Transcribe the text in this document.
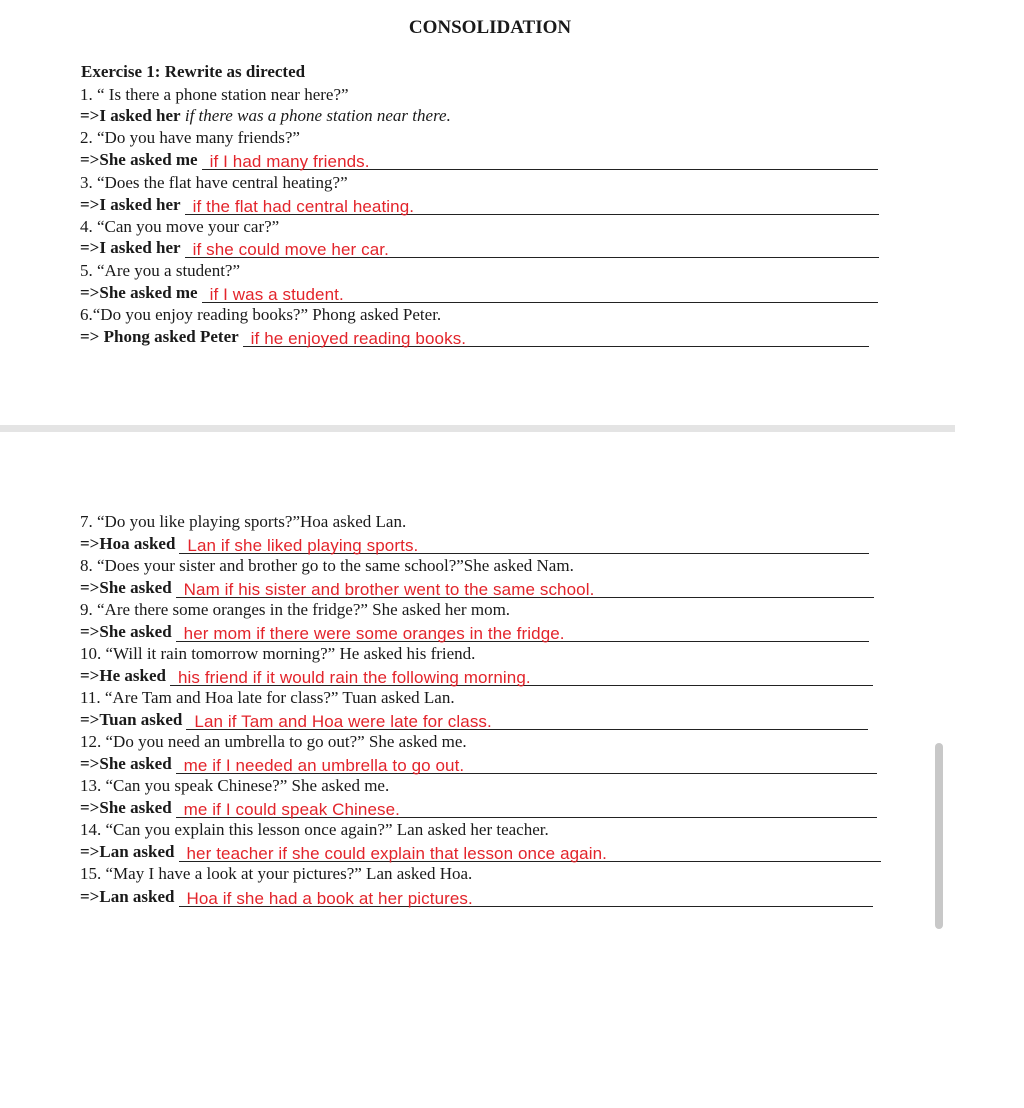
CONSOLIDATION
Exercise 1: Rewrite as directed
1. “ Is there a phone station near here?”
=>I asked her if there was a phone station near there.
2. “Do you have many friends?”
=>She asked me if I had many friends.
3. “Does the flat have central heating?”
=>I asked her if the flat had central heating.
4. “Can you move your car?”
=>I asked her if she could move her car.
5. “Are you a student?”
=>She asked me if I was a student.
6.“Do you enjoy reading books?” Phong asked Peter.
=> Phong asked Peter if he enjoyed reading books.
7. “Do you like playing sports?”Hoa asked Lan.
=>Hoa asked Lan if she liked playing sports.
8. “Does your sister and brother go to the same school?”She asked Nam.
=>She asked Nam if his sister and brother went to the same school.
9. “Are there some oranges in the fridge?” She asked her mom.
=>She asked her mom if there were some oranges in the fridge.
10. “Will it rain tomorrow morning?” He asked his friend.
=>He asked his friend if it would rain the following morning.
11. “Are Tam and Hoa late for class?” Tuan asked Lan.
=>Tuan asked Lan if Tam and Hoa were late for class.
12. “Do you need an umbrella to go out?” She asked me.
=>She asked me if I needed an umbrella to go out.
13. “Can you speak Chinese?” She asked me.
=>She asked me if I could speak Chinese.
14. “Can you explain this lesson once again?” Lan asked her teacher.
=>Lan asked her teacher if she could explain that lesson once again.
15. “May I have a look at your pictures?” Lan asked Hoa.
=>Lan asked Hoa if she had a book at her pictures.
